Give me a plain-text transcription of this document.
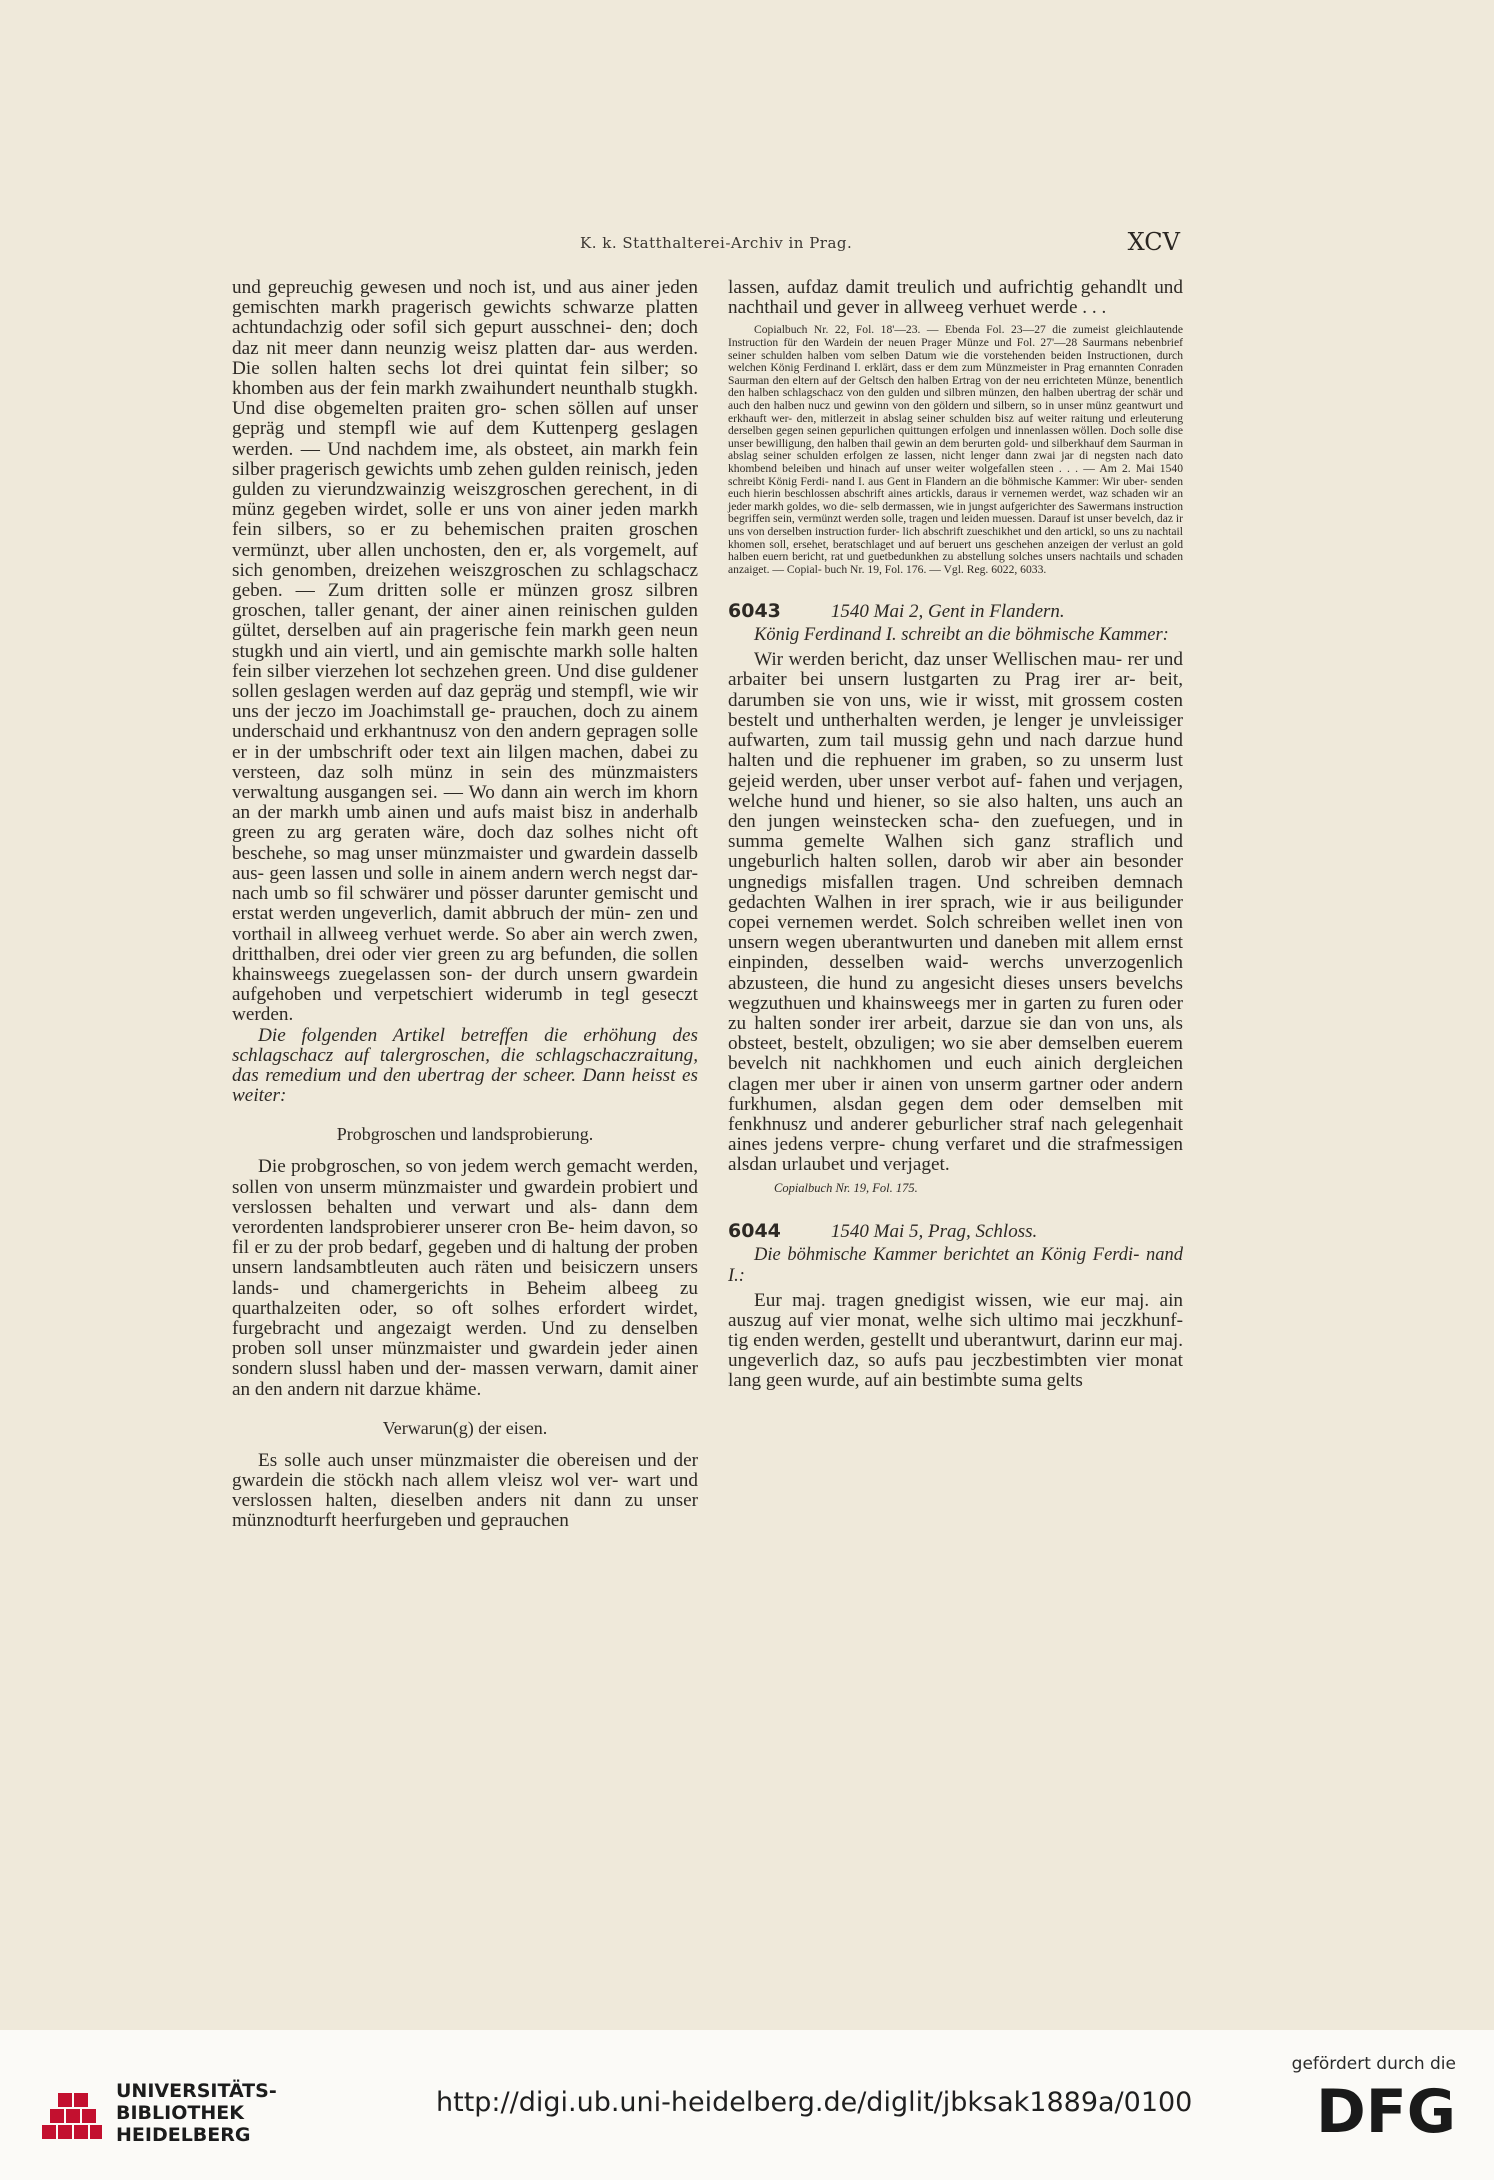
K. k. Statthalterei-Archiv in Prag.	XCV

und gepreuchig gewesen und noch ist, und aus ainer jeden gemischten markh pragerisch gewichts schwarze platten achtundachzig oder sofil sich gepurt ausschnei- den; doch daz nit meer dann neunzig weisz platten dar- aus werden. Die sollen halten sechs lot drei quintat fein silber; so khomben aus der fein markh zwaihundert neunthalb stugkh. Und dise obgemelten praiten gro- schen söllen auf unser gepräg und stempfl wie auf dem Kuttenperg geslagen werden. — Und nachdem ime, als obsteet, ain markh fein silber pragerisch gewichts umb zehen gulden reinisch, jeden gulden zu vierundzwainzig weiszgroschen gerechent, in di münz gegeben wirdet, solle er uns von ainer jeden markh fein silbers, so er zu behemischen praiten groschen vermünzt, uber allen unchosten, den er, als vorgemelt, auf sich genomben, dreizehen weiszgroschen zu schlagschacz geben. — Zum dritten solle er münzen grosz silbren groschen, taller genant, der ainer ainen reinischen gulden gültet, derselben auf ain pragerische fein markh geen neun stugkh und ain viertl, und ain gemischte markh solle halten fein silber vierzehen lot sechzehen green. Und dise guldener sollen geslagen werden auf daz gepräg und stempfl, wie wir uns der jeczo im Joachimstall ge- prauchen, doch zu ainem underschaid und erkhantnusz von den andern gepragen solle er in der umbschrift oder text ain lilgen machen, dabei zu versteen, daz solh münz in sein des münzmaisters verwaltung ausgangen sei. — Wo dann ain werch im khorn an der markh umb ainen und aufs maist bisz in anderhalb green zu arg geraten wäre, doch daz solhes nicht oft beschehe, so mag unser münzmaister und gwardein dasselb aus- geen lassen und solle in ainem andern werch negst dar- nach umb so fil schwärer und pösser darunter gemischt und erstat werden ungeverlich, damit abbruch der mün- zen und vorthail in allweeg verhuet werde. So aber ain werch zwen, dritthalben, drei oder vier green zu arg befunden, die sollen khainsweegs zuegelassen son- der durch unsern gwardein aufgehoben und verpetschiert widerumb in tegl geseczt werden.

Die folgenden Artikel betreffen die erhöhung des schlagschacz auf talergroschen, die schlagschaczraitung, das remedium und den ubertrag der scheer. Dann heisst es weiter:

Probgroschen und landsprobierung.

Die probgroschen, so von jedem werch gemacht werden, sollen von unserm münzmaister und gwardein probiert und verslossen behalten und verwart und als- dann dem verordenten landsprobierer unserer cron Be- heim davon, so fil er zu der prob bedarf, gegeben und di haltung der proben unsern landsambtleuten auch räten und beisiczern unsers lands- und chamergerichts in Beheim albeeg zu quarthalzeiten oder, so oft solhes erfordert wirdet, furgebracht und angezaigt werden. Und zu denselben proben soll unser münzmaister und gwardein jeder ainen sondern slussl haben und der- massen verwarn, damit ainer an den andern nit darzue khäme.

Verwarun(g) der eisen.

Es solle auch unser münzmaister die obereisen und der gwardein die stöckh nach allem vleisz wol ver- wart und verslossen halten, dieselben anders nit dann zu unser münznodturft heerfurgeben und geprauchen

lassen, aufdaz damit treulich und aufrichtig gehandlt und nachthail und gever in allweeg verhuet werde . . .

Copialbuch Nr. 22, Fol. 18'—23. — Ebenda Fol. 23—27 die zumeist gleichlautende Instruction für den Wardein der neuen Prager Münze und Fol. 27'—28 Saurmans nebenbrief seiner schulden halben vom selben Datum wie die vorstehenden beiden Instructionen, durch welchen König Ferdinand I. erklärt, dass er dem zum Münzmeister in Prag ernannten Conraden Saurman den eltern auf der Geltsch den halben Ertrag von der neu errichteten Münze, benentlich den halben schlagschacz von den gulden und silbren münzen, den halben ubertrag der schär und auch den halben nucz und gewinn von den göldern und silbern, so in unser münz geantwurt und erkhauft wer- den, mitlerzeit in abslag seiner schulden bisz auf weiter raitung und erleuterung derselben gegen seinen gepurlichen quittungen erfolgen und innenlassen wöllen. Doch solle dise unser bewilligung, den halben thail gewin an dem berurten gold- und silberkhauf dem Saurman in abslag seiner schulden erfolgen ze lassen, nicht lenger dann zwai jar di negsten nach dato khombend beleiben und hinach auf unser weiter wolgefallen steen . . . — Am 2. Mai 1540 schreibt König Ferdi- nand I. aus Gent in Flandern an die böhmische Kammer: Wir uber- senden euch hierin beschlossen abschrift aines artickls, daraus ir vernemen werdet, waz schaden wir an jeder markh goldes, wo die- selb dermassen, wie in jungst aufgerichter des Sawermans instruction begriffen sein, vermünzt werden solle, tragen und leiden muessen. Darauf ist unser bevelch, daz ir uns von derselben instruction furder- lich abschrift zueschikhet und den artickl, so uns zu nachtail khomen soll, ersehet, beratschlaget und auf beruert uns geschehen anzeigen der verlust an gold halben euern bericht, rat und guetbedunkhen zu abstellung solches unsers nachtails und schaden anzaiget. — Copial- buch Nr. 19, Fol. 176. — Vgl. Reg. 6022, 6033.

6043	1540 Mai 2, Gent in Flandern.

König Ferdinand I. schreibt an die böhmische Kammer:

Wir werden bericht, daz unser Wellischen mau- rer und arbaiter bei unsern lustgarten zu Prag irer ar- beit, darumben sie von uns, wie ir wisst, mit grossem costen bestelt und untherhalten werden, je lenger je unvleissiger aufwarten, zum tail mussig gehn und nach darzue hund halten und die rephuener im graben, so zu unserm lust gejeid werden, uber unser verbot auf- fahen und verjagen, welche hund und hiener, so sie also halten, uns auch an den jungen weinstecken scha- den zuefuegen, und in summa gemelte Walhen sich ganz straflich und ungeburlich halten sollen, darob wir aber ain besonder ungnedigs misfallen tragen. Und schreiben demnach gedachten Walhen in irer sprach, wie ir aus beiligunder copei vernemen werdet. Solch schreiben wellet inen von unsern wegen uberantwurten und daneben mit allem ernst einpinden, desselben waid- werchs unverzogenlich abzusteen, die hund zu angesicht dieses unsers bevelchs wegzuthuen und khainsweegs mer in garten zu furen oder zu halten sonder irer arbeit, darzue sie dan von uns, als obsteet, bestelt, obzuligen; wo sie aber demselben euerem bevelch nit nachkhomen und euch ainich dergleichen clagen mer uber ir ainen von unserm gartner oder andern furkhumen, alsdan gegen dem oder demselben mit fenkhnusz und anderer geburlicher straf nach gelegenhait aines jedens verpre- chung verfaret und die strafmessigen alsdan urlaubet und verjaget.

Copialbuch Nr. 19, Fol. 175.

6044	1540 Mai 5, Prag, Schloss.

Die böhmische Kammer berichtet an König Ferdi- nand I.:

Eur maj. tragen gnedigist wissen, wie eur maj. ain auszug auf vier monat, welhe sich ultimo mai jeczkhunf- tig enden werden, gestellt und uberantwurt, darinn eur maj. ungeverlich daz, so aufs pau jeczbestimbten vier monat lang geen wurde, auf ain bestimbte suma gelts

UNIVERSITÄTS-
BIBLIOTHEK
HEIDELBERG
http://digi.ub.uni-heidelberg.de/diglit/jbksak1889a/0100
gefördert durch die
DFG
